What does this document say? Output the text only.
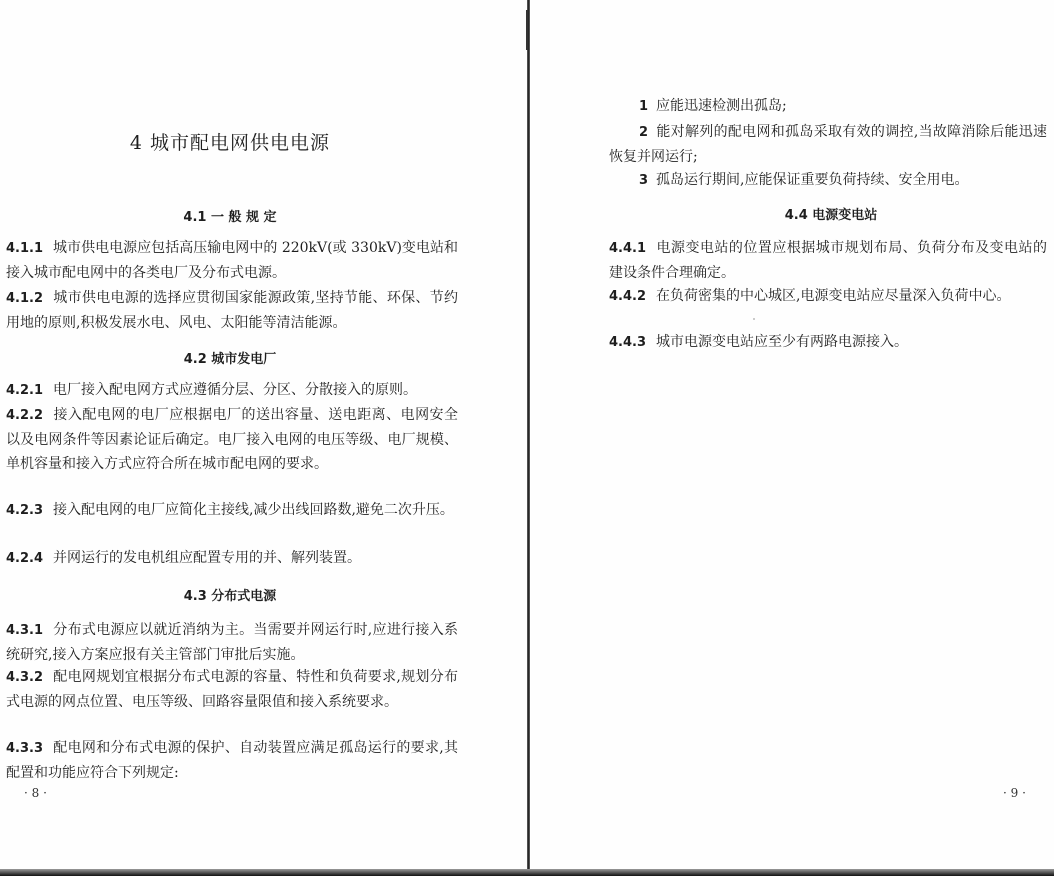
4 城市配电网供电电源
4.1 一 般 规 定

4.1.1 城市供电电源应包括高压输电网中的 220kV(或 330kV)变电站和接入城市配电网中的各类电厂及分布式电源。

4.1.2 城市供电电源的选择应贯彻国家能源政策,坚持节能、环保、节约用地的原则,积极发展水电、风电、太阳能等清洁能源。

4.2 城市发电厂

4.2.1 电厂接入配电网方式应遵循分层、分区、分散接入的原则。

4.2.2 接入配电网的电厂应根据电厂的送出容量、送电距离、电网安全以及电网条件等因素论证后确定。电厂接入电网的电压等级、电厂规模、单机容量和接入方式应符合所在城市配电网的要求。

4.2.3 接入配电网的电厂应简化主接线,减少出线回路数,避免二次升压。

4.2.4 并网运行的发电机组应配置专用的并、解列装置。

4.3 分布式电源

4.3.1 分布式电源应以就近消纳为主。当需要并网运行时,应进行接入系统研究,接入方案应报有关主管部门审批后实施。

4.3.2 配电网规划宜根据分布式电源的容量、特性和负荷要求,规划分布式电源的网点位置、电压等级、回路容量限值和接入系统要求。

4.3.3 配电网和分布式电源的保护、自动装置应满足孤岛运行的要求,其配置和功能应符合下列规定:

· 8 ·

1 应能迅速检测出孤岛;

2 能对解列的配电网和孤岛采取有效的调控,当故障消除后能迅速恢复并网运行;

3 孤岛运行期间,应能保证重要负荷持续、安全用电。

4.4 电源变电站

4.4.1 电源变电站的位置应根据城市规划布局、负荷分布及变电站的建设条件合理确定。

4.4.2 在负荷密集的中心城区,电源变电站应尽量深入负荷中心。

4.4.3 城市电源变电站应至少有两路电源接入。

· 9 ·
